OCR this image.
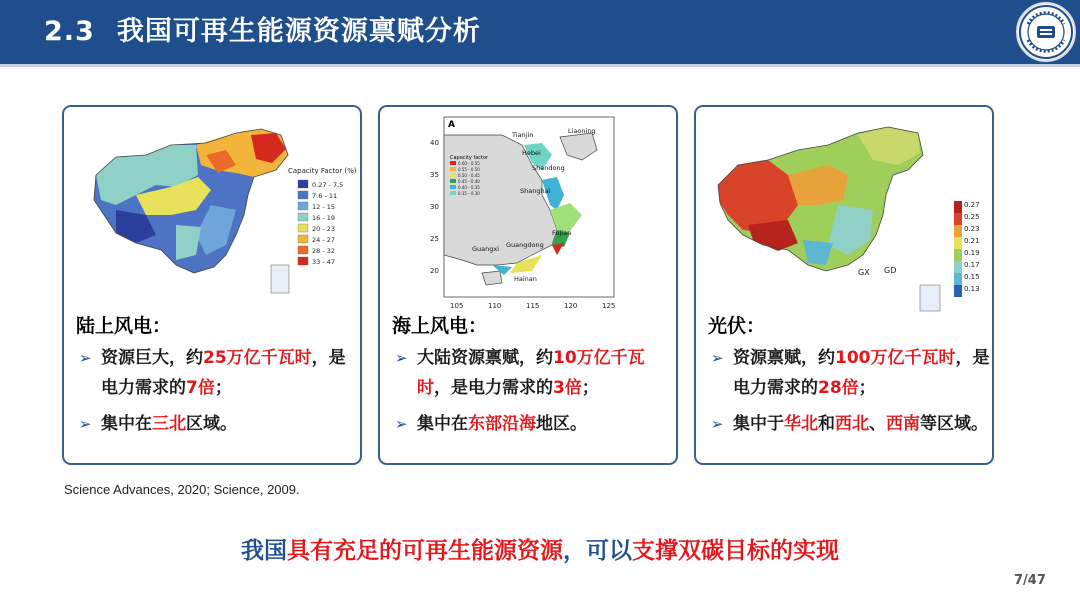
2.3 我国可再生能源资源禀赋分析
Capacity Factor (%)
0.27 - 7.5
7.6 - 11
12 - 15
16 - 19
20 - 23
24 - 27
28 - 32
33 - 47
陆上风电：
➢ 资源巨大，约25万亿千瓦时，是电力需求的7倍；
➢ 集中在三北区域。
A
Capacity factor
0.60 - 0.55
0.55 - 0.50
0.50 - 0.45
0.45 - 0.40
0.40 - 0.35
0.35 - 0.30
Tianjin	Liaoning
Hebei
Shandong
Shanghai
Fujian
Guangxi Guangdong
Hainan
40
35
30
25
20
105	110	115	120	125
海上风电：
➢ 大陆资源禀赋，约10万亿千瓦时，是电力需求的3倍；
➢ 集中在东部沿海地区。
GX GD
0.27
0.25
0.23
0.21
0.19
0.17
0.15
0.13
光伏：
➢ 资源禀赋，约100万亿千瓦时，是电力需求的28倍；
➢ 集中于华北和西北、西南等区域。
Science Advances, 2020; Science, 2009.
我国具有充足的可再生能源资源，可以支撑双碳目标的实现
7/47
